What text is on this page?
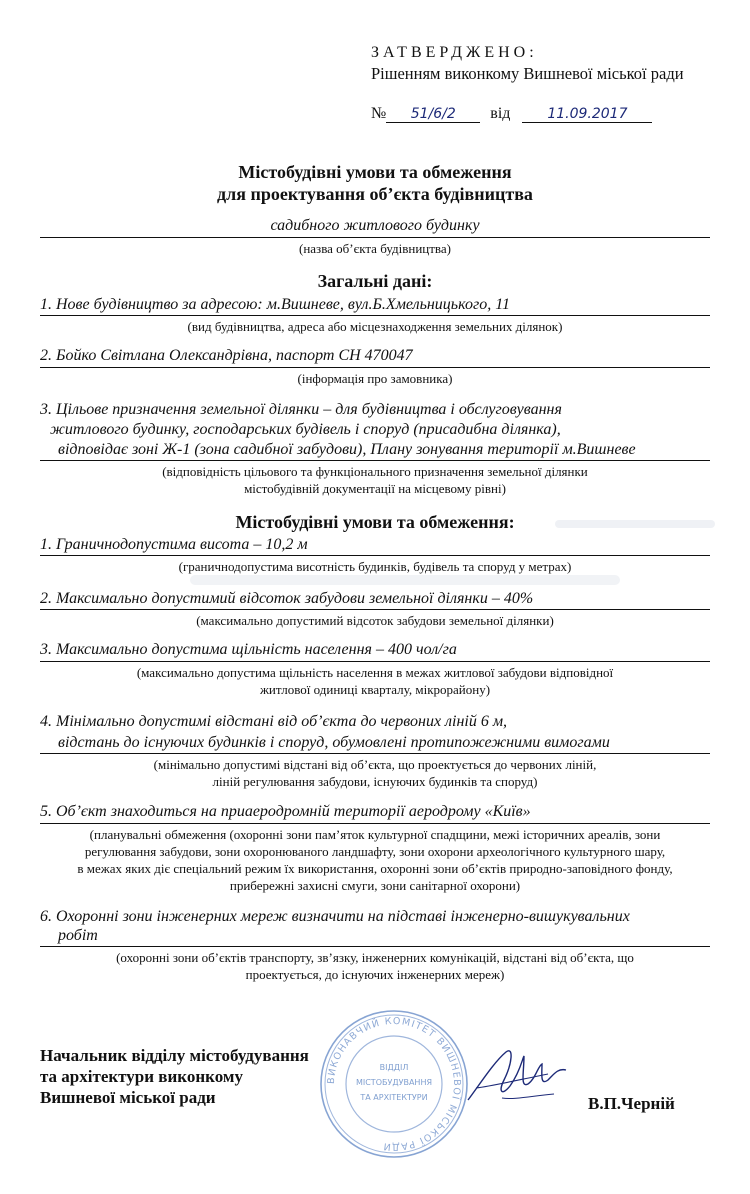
ЗАТВЕРДЖЕНО:
Рішенням виконкому Вишневої міської ради
№ 51/6/2 від	11.09.2017
Містобудівні умови та обмеження
для проектування об’єкта будівництва
садибного житлового будинку
(назва об’єкта будівництва)
Загальні дані:
1. Нове будівництво за адресою: м.Вишневе, вул.Б.Хмельницького, 11
(вид будівництва, адреса або місцезнаходження земельних ділянок)
2. Бойко Світлана Олександрівна, паспорт СН 470047
(інформація про замовника)
3. Цільове призначення земельної ділянки – для будівництва і обслуговування
житлового будинку, господарських будівель і споруд (присадибна ділянка),
відповідає зоні Ж-1 (зона садибної забудови), Плану зонування території м.Вишневе
(відповідність цільового та функціонального призначення земельної ділянки
містобудівній документації на місцевому рівні)
Містобудівні умови та обмеження:
1. Граничнодопустима висота – 10,2 м
(граничнодопустима висотність будинків, будівель та споруд у метрах)
2. Максимально допустимий відсоток забудови земельної ділянки – 40%
(максимально допустимий відсоток забудови земельної ділянки)
3. Максимально допустима щільність населення – 400 чол/га
(максимально допустима щільність населення в межах житлової забудови відповідної
житлової одиниці кварталу, мікрорайону)
4. Мінімально допустимі відстані від об’єкта до червоних ліній 6 м,
відстань до існуючих будинків і споруд, обумовлені протипожежними вимогами
(мінімально допустимі відстані від об’єкта, що проектується до червоних ліній,
ліній регулювання забудови, існуючих будинків та споруд)
5. Об’єкт знаходиться на приаеродромній території аеродрому «Київ»
(планувальні обмеження (охоронні зони пам’яток культурної спадщини, межі історичних ареалів, зони
регулювання забудови, зони охоронюваного ландшафту, зони охорони археологічного культурного шару,
в межах яких діє спеціальний режим їх використання, охоронні зони об’єктів природно-заповідного фонду,
прибережні захисні смуги, зони санітарної охорони)
6. Охоронні зони інженерних мереж визначити на підставі інженерно-вишукувальних
робіт
(охоронні зони об’єктів транспорту, зв’язку, інженерних комунікацій, відстані від об’єкта, що
проектується, до існуючих інженерних мереж)
ВИКОНАВЧИЙ КОМІТЕТ ВИШНЕВОЇ МІСЬКОЇ РАДИ
ВІДДІЛ
МІСТОБУДУВАННЯ
ТА АРХІТЕКТУРИ
Начальник відділу містобудування
та архітектури виконкому
Вишневої міської ради	В.П.Черній
